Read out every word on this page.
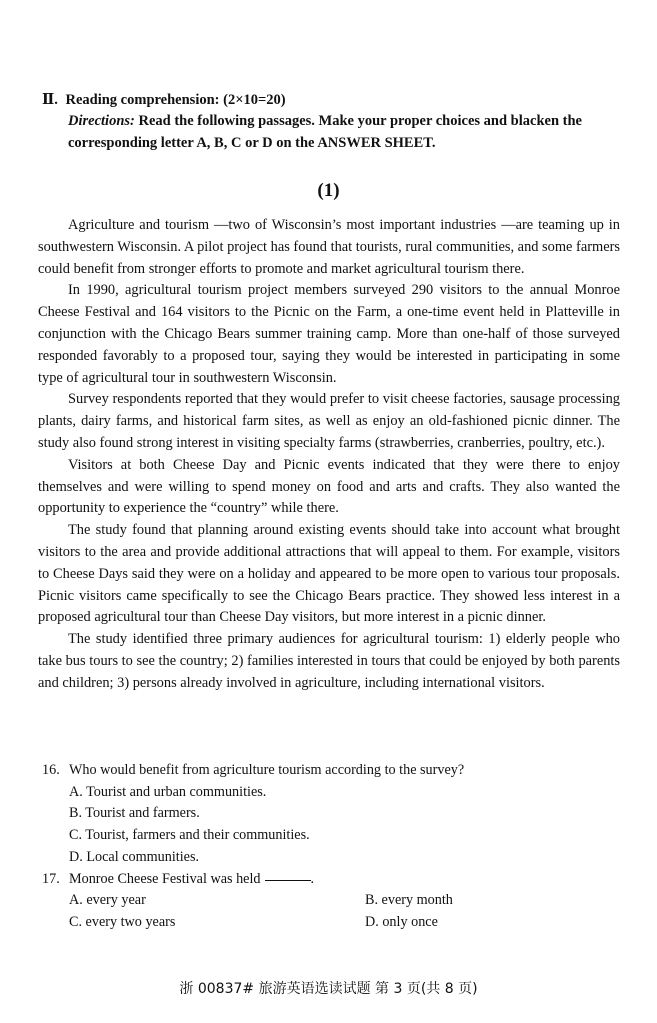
Ⅱ. Reading comprehension: (2×10=20)
Directions: Read the following passages. Make your proper choices and blacken the corresponding letter A, B, C or D on the ANSWER SHEET.
(1)

Agriculture and tourism —two of Wisconsin’s most important industries —are teaming up in southwestern Wisconsin. A pilot project has found that tourists, rural communities, and some farmers could benefit from stronger efforts to promote and market agricultural tourism there.

In 1990, agricultural tourism project members surveyed 290 visitors to the annual Monroe Cheese Festival and 164 visitors to the Picnic on the Farm, a one-time event held in Platteville in conjunction with the Chicago Bears summer training camp. More than one-half of those surveyed responded favorably to a proposed tour, saying they would be interested in participating in some type of agricultural tour in southwestern Wisconsin.

Survey respondents reported that they would prefer to visit cheese factories, sausage processing plants, dairy farms, and historical farm sites, as well as enjoy an old-fashioned picnic dinner. The study also found strong interest in visiting specialty farms (strawberries, cranberries, poultry, etc.).

Visitors at both Cheese Day and Picnic events indicated that they were there to enjoy themselves and were willing to spend money on food and arts and crafts. They also wanted the opportunity to experience the “country” while there.

The study found that planning around existing events should take into account what brought visitors to the area and provide additional attractions that will appeal to them. For example, visitors to Cheese Days said they were on a holiday and appeared to be more open to various tour proposals. Picnic visitors came specifically to see the Chicago Bears practice. They showed less interest in a proposed agricultural tour than Cheese Day visitors, but more interest in a picnic dinner.

The study identified three primary audiences for agricultural tourism: 1) elderly people who take bus tours to see the country; 2) families interested in tours that could be enjoyed by both parents and children; 3) persons already involved in agriculture, including international visitors.

16. Who would benefit from agriculture tourism according to the survey?
A. Tourist and urban communities.
B. Tourist and farmers.
C. Tourist, farmers and their communities.
D. Local communities.
17. Monroe Cheese Festival was held	.
A. every year	B. every month
C. every two years	D. only once
浙 00837# 旅游英语选读试题 第 3 页(共 8 页)
